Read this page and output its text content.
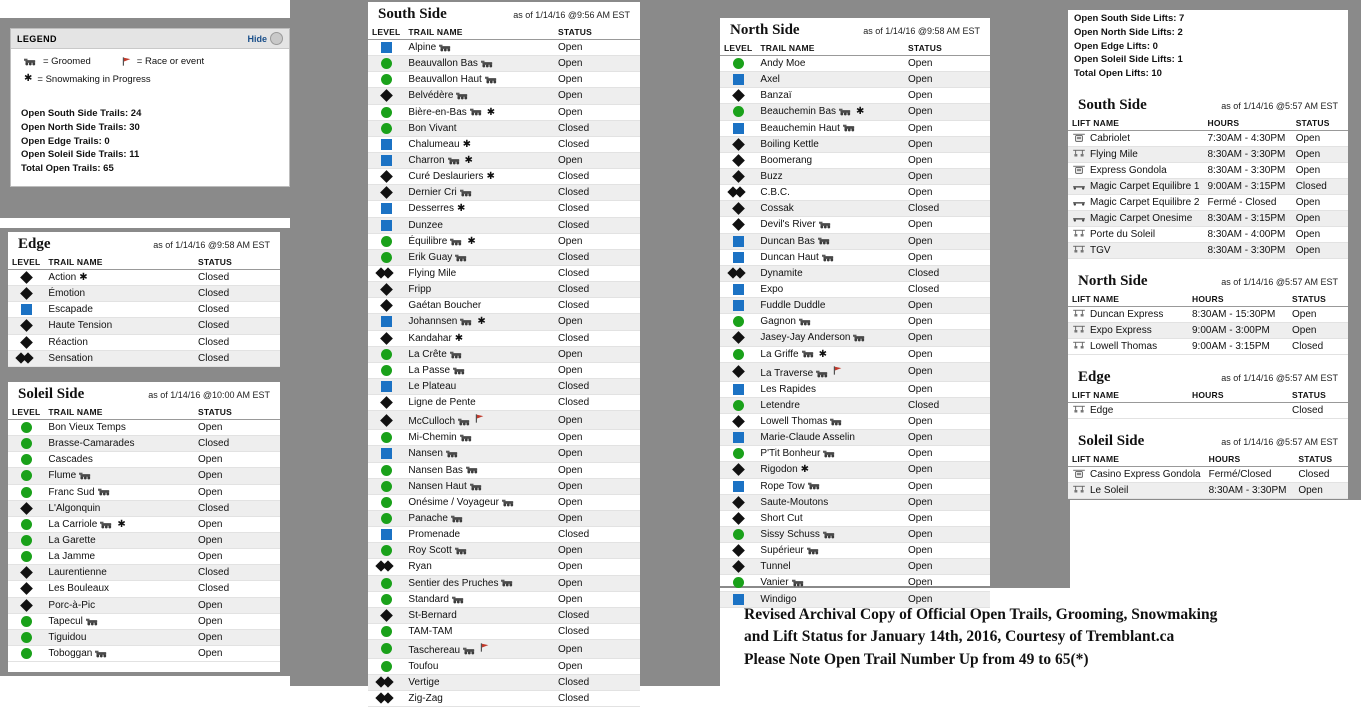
LEGEND	Hide
= Groomed	= Race or event
✱ = Snowmaking in Progress
Open South Side Trails: 24
Open North Side Trails: 30
Open Edge Trails: 0
Open Soleil Side Trails: 11
Total Open Trails: 65
Edge	as of 1/14/16 @9:58 AM EST
LEVEL	TRAIL NAME	STATUS
	Action ✱	Closed
	Émotion	Closed
	Escapade	Closed
	Haute Tension	Closed
	Réaction	Closed

	Sensation	Closed
Soleil Side	as of 1/14/16 @10:00 AM EST
LEVEL	TRAIL NAME	STATUS
	Bon Vieux Temps	Open
	Brasse-Camarades	Closed
	Cascades	Open
	Flume	Open
	Franc Sud	Open
	L'Algonquin	Closed
	La Carriole ✱	Open
	La Garette	Open
	La Jamme	Open
	Laurentienne	Closed
	Les Bouleaux	Closed
	Porc-à-Pic	Open
	Tapecul	Open
	Tiguidou	Open
	Toboggan	Open
South Side	as of 1/14/16 @9:56 AM EST
LEVEL	TRAIL NAME	STATUS
	Alpine	Open
	Beauvallon Bas	Open
	Beauvallon Haut	Open
	Belvédère	Open
	Bière-en-Bas ✱	Open
	Bon Vivant	Closed
	Chalumeau ✱	Closed
	Charron ✱	Open
	Curé Deslauriers ✱	Closed
	Dernier Cri	Closed
	Desserres ✱	Closed
	Dunzee	Closed
	Équilibre ✱	Open
	Erik Guay	Closed

	Flying Mile	Closed
	Fripp	Closed
	Gaétan Boucher	Closed
	Johannsen ✱	Open
	Kandahar ✱	Closed
	La Crête	Open
	La Passe	Open
	Le Plateau	Closed
	Ligne de Pente	Closed
	McCulloch	Open
	Mi-Chemin	Open
	Nansen	Open
	Nansen Bas	Open
	Nansen Haut	Open
	Onésime / Voyageur	Open
	Panache	Open
	Promenade	Closed
	Roy Scott	Open

	Ryan	Open
	Sentier des Pruches	Open
	Standard	Open
	St-Bernard	Closed
	TAM-TAM	Closed
	Taschereau	Open
	Toufou	Open

	Vertige	Closed

	Zig-Zag	Closed
North Side	as of 1/14/16 @9:58 AM EST
LEVEL	TRAIL NAME	STATUS
	Andy Moe	Open
	Axel	Open
	Banzaï	Open
	Beauchemin Bas ✱	Open
	Beauchemin Haut	Open
	Boiling Kettle	Open
	Boomerang	Open
	Buzz	Open

	C.B.C.	Open
	Cossak	Closed
	Devil's River	Open
	Duncan Bas	Open
	Duncan Haut	Open

	Dynamite	Closed
	Expo	Closed
	Fuddle Duddle	Open
	Gagnon	Open
	Jasey-Jay Anderson	Open
	La Griffe ✱	Open
	La Traverse	Open
	Les Rapides	Open
	Letendre	Closed
	Lowell Thomas	Open
	Marie-Claude Asselin	Open
	P'Tit Bonheur	Open
	Rigodon ✱	Open
	Rope Tow	Open
	Saute-Moutons	Open
	Short Cut	Open
	Sissy Schuss	Open
	Supérieur	Open
	Tunnel	Open
	Vanier	Open
	Windigo	Open
Open South Side Lifts: 7
Open North Side Lifts: 2
Open Edge Lifts: 0
Open Soleil Side Lifts: 1
Total Open Lifts: 10
South Side	as of 1/14/16 @5:57 AM EST
LIFT NAME	HOURS	STATUS
Cabriolet	7:30AM - 4:30PM	Open
Flying Mile	8:30AM - 3:30PM	Open
Express Gondola	8:30AM - 3:30PM	Open
Magic Carpet Equilibre 1	9:00AM - 3:15PM	Closed
Magic Carpet Equilibre 2	Fermé - Closed	Open
Magic Carpet Onesime	8:30AM - 3:15PM	Open
Porte du Soleil	8:30AM - 4:00PM	Open
TGV	8:30AM - 3:30PM	Open
North Side	as of 1/14/16 @5:57 AM EST
LIFT NAME	HOURS	STATUS
Duncan Express	8:30AM - 15:30PM	Open
Expo Express	9:00AM - 3:00PM	Open
Lowell Thomas	9:00AM - 3:15PM	Closed
Edge	as of 1/14/16 @5:57 AM EST
LIFT NAME	HOURS	STATUS
Edge		Closed
Soleil Side	as of 1/14/16 @5:57 AM EST
LIFT NAME	HOURS	STATUS
Casino Express Gondola	Fermé/Closed	Closed
Le Soleil	8:30AM - 3:30PM	Open
Revised Archival Copy of Official Open Trails, Grooming, Snowmaking
and Lift Status for January 14th, 2016, Courtesy of Tremblant.ca
Please Note Open Trail Number Up from 49 to 65(*)
